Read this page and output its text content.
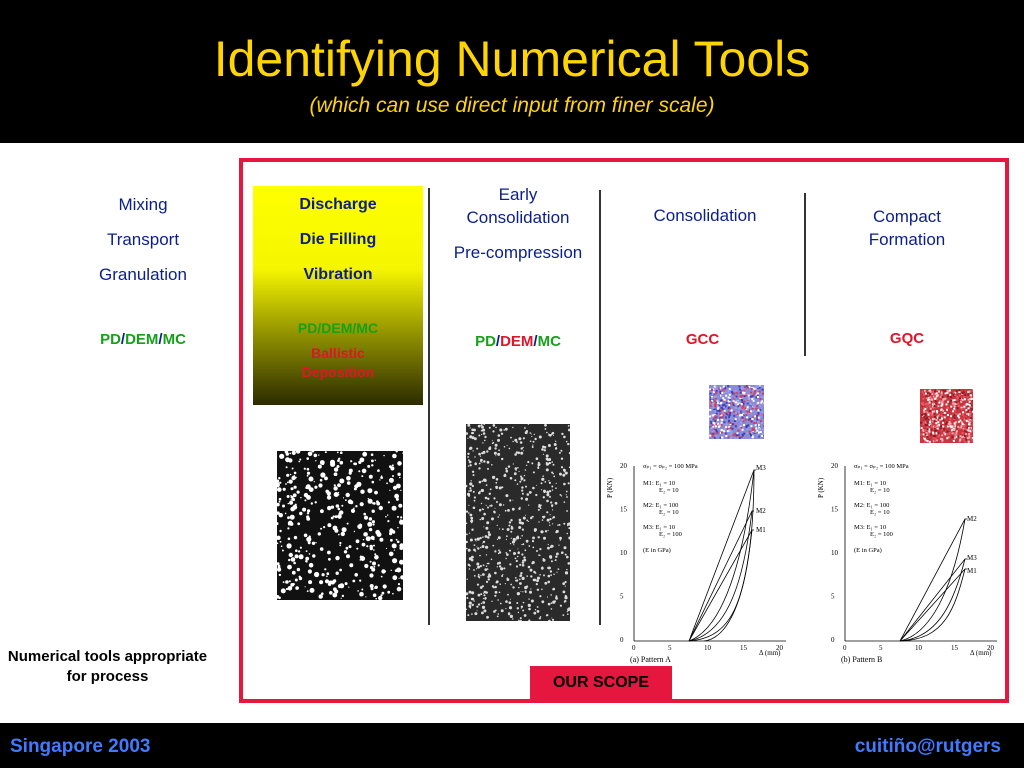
Identifying Numerical Tools
(which can use direct input from finer scale)

Mixing

Transport

Granulation

PD/DEM/MC
Discharge
Die Filling
Vibration
PD/DEM/MC
Ballistic Deposition

Early Consolidation

Pre-compression

PD/DEM/MC

Consolidation

GCC

Compact Formation

GQC
20
15
10
5
0
0	5	10	15	20
P (KN)
Δ (mm)
(a) Pattern A
σₚ₁ = σₚ₂ = 100 MPa
M1: E₁ = 10
E₂ = 10
M2: E₁ = 100
E₂ = 10
M3: E₁ = 10
E₂ = 100
(E in GPa)
M3
M2
M1
20
15
10
5
0
0	5	10	15	20
P (KN)
Δ (mm)
(b) Pattern B
σₚ₁ = σₚ₂ = 100 MPa
M1: E₁ = 10
E₂ = 10
M2: E₁ = 100
E₂ = 10
M3: E₁ = 10
E₂ = 100
(E in GPa)
M2
M3
M1
OUR SCOPE
Numerical tools appropriate for process
Singapore 2003	cuitiño@rutgers
